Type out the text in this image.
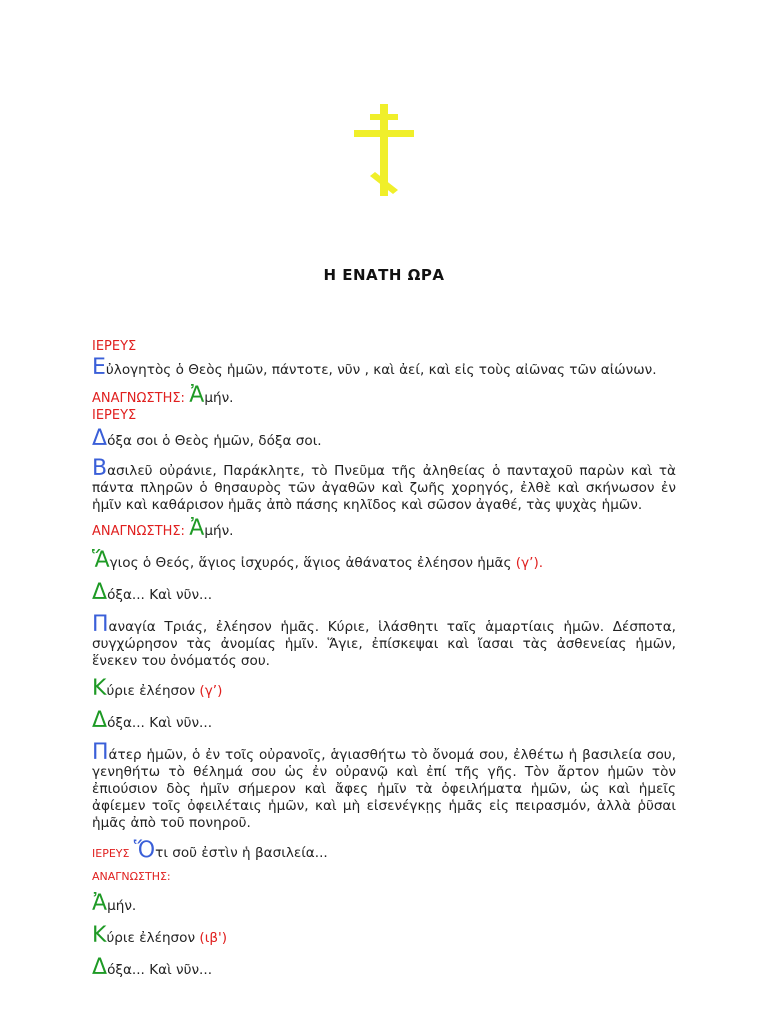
Η ΕΝΑΤΗ ΩΡΑ
ΙΕΡΕΥΣ

Εὐλογητὸς ὁ Θεὸς ἡμῶν, πάντοτε, νῦν , καὶ ἀεί, καὶ εἰς τοὺς αἰῶνας τῶν αἰώνων.

ΑΝΑΓΝΩΣΤΗΣ: Ἀμήν.

ΙΕΡΕΥΣ

Δόξα σοι ὁ Θεὸς ἡμῶν, δόξα σοι.

Βασιλεῦ οὐράνιε, Παράκλητε, τὸ Πνεῦμα τῆς ἀληθείας ὁ πανταχοῦ παρὼν καὶ τὰ πάντα πληρῶν ὁ θησαυρὸς τῶν ἀγαθῶν καὶ ζωῆς χορηγός, ἐλθὲ καὶ σκήνωσον ἐν ἡμῖν καὶ καθάρισον ἡμᾶς ἀπὸ πάσης κηλῖδος καὶ σῶσον ἀγαθέ, τὰς ψυχὰς ἡμῶν.

ΑΝΑΓΝΩΣΤΗΣ: Ἀμήν.

Ἅγιος ὁ Θεός, ἅγιος ἰσχυρός, ἅγιος ἀθάνατος ἐλέησον ἡμᾶς (γ’).

Δόξα... Καὶ νῦν...

Παναγία Τριάς, ἐλέησον ἡμᾶς. Κύριε, ἱλάσθητι ταῖς ἁμαρτίαις ἡμῶν. Δέσποτα, συγχώρησον τὰς ἀνομίας ἡμῖν. Ἅγιε, ἐπίσκεψαι καὶ ἴασαι τὰς ἀσθενείας ἡμῶν, ἕνεκεν του ὀνόματός σου.

Κύριε ἐλέησον (γ’)

Δόξα... Καὶ νῦν...

Πάτερ ἡμῶν, ὁ ἐν τοῖς οὐρανοῖς, ἁγιασθήτω τὸ ὄνομά σου, ἐλθέτω ἡ βασιλεία σου, γενηθήτω τὸ θέλημά σου ὡς ἐν οὐρανῷ καὶ ἐπί τῆς γῆς. Τὸν ἄρτον ἡμῶν τὸν ἐπιούσιον δὸς ἡμῖν σήμερον καὶ ἄφες ἡμῖν τὰ ὀφειλήματα ἡμῶν, ὡς καὶ ἡμεῖς ἀφίεμεν τοῖς ὀφειλέταις ἡμῶν, καὶ μὴ εἰσενέγκῃς ἡμᾶς εἰς πειρασμόν, ἀλλὰ ῥῦσαι ἡμᾶς ἀπὸ τοῦ πονηροῦ.

ΙΕΡΕΥΣ Ὅτι σοῦ ἐστὶν ἡ βασιλεία...

ΑΝΑΓΝΩΣΤΗΣ:

Ἀμήν.

Κύριε ἐλέησον (ιβ')

Δόξα... Καὶ νῦν...
